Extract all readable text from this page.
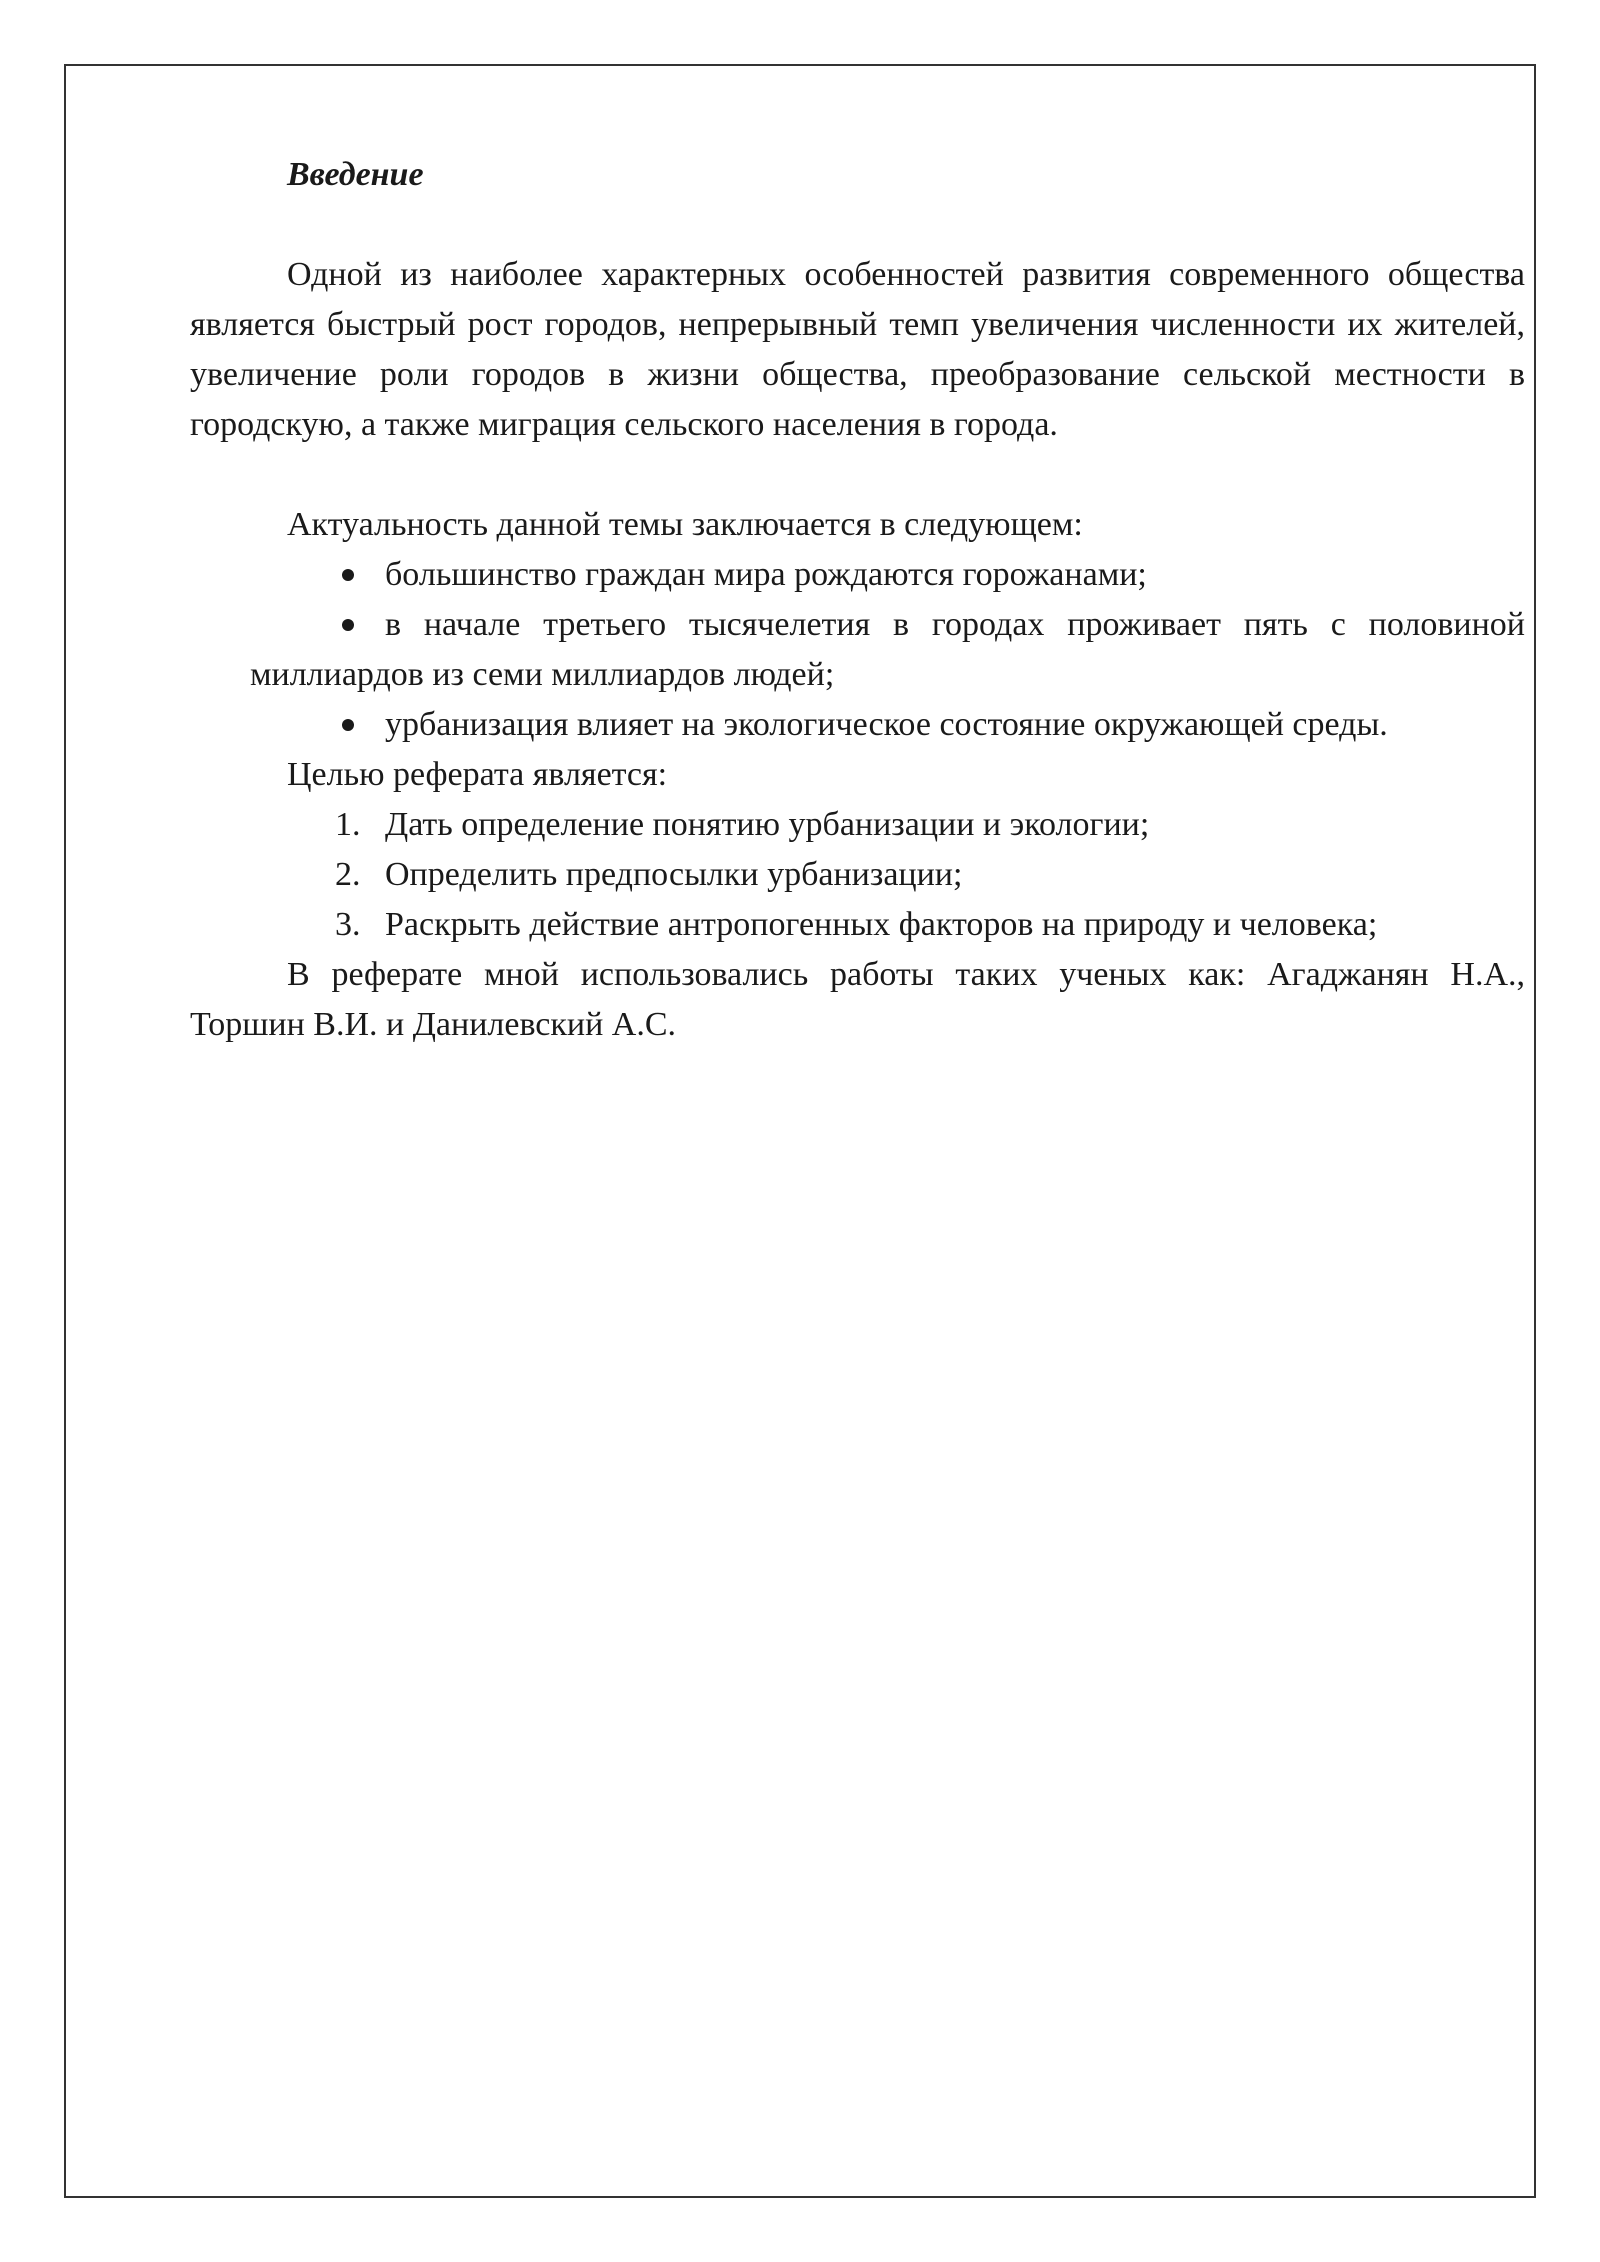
Введение

Одной из наиболее характерных особенностей развития современного общества является быстрый рост городов, непрерывный темп увеличения численности их жителей, увеличение роли городов в жизни общества, преобразование сельской местности в городскую, а также миграция сельского населения в города.

Актуальность данной темы заключается в следующем:

большинство граждан мира рождаются горожанами;

в начале третьего тысячелетия в городах проживает пять с половиной миллиардов из семи миллиардов людей;

урбанизация влияет на экологическое состояние окружающей среды.

Целью реферата является:

1. Дать определение понятию урбанизации и экологии;
2. Определить предпосылки урбанизации;
3. Раскрыть действие антропогенных факторов на природу и человека;

В реферате мной использовались работы таких ученых как: Агаджанян Н.А., Торшин В.И. и Данилевский А.С.
